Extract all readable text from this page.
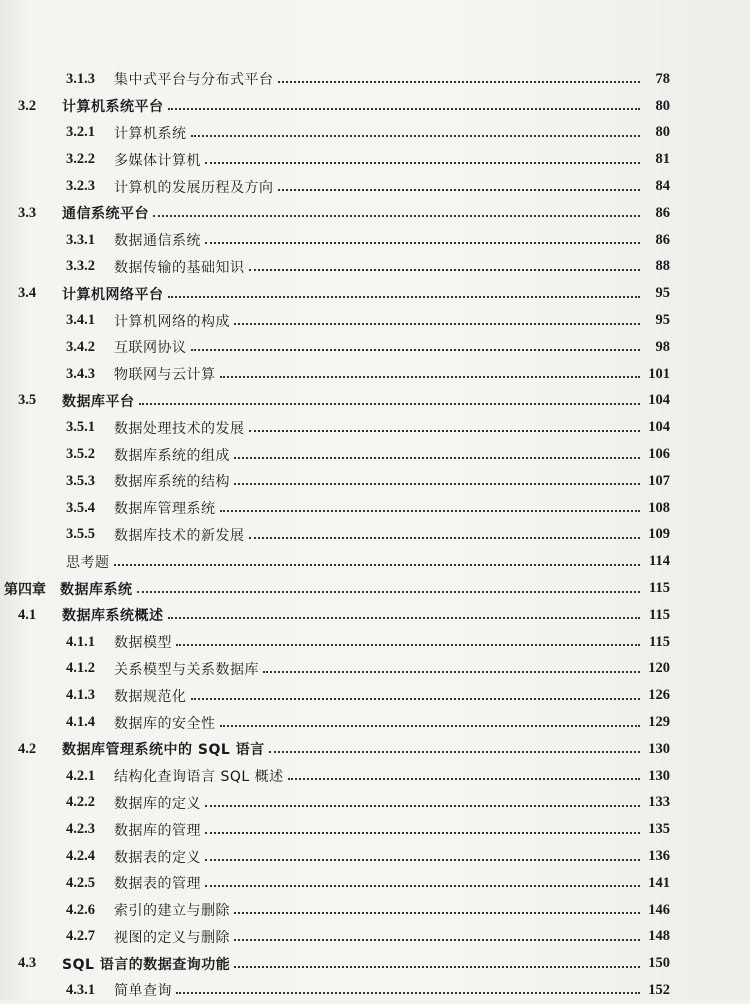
3.1.3	集中式平台与分布式平台	78
3.2	计算机系统平台	80
3.2.1	计算机系统	80
3.2.2	多媒体计算机	81
3.2.3	计算机的发展历程及方向	84
3.3	通信系统平台	86
3.3.1	数据通信系统	86
3.3.2	数据传输的基础知识	88
3.4	计算机网络平台	95
3.4.1	计算机网络的构成	95
3.4.2	互联网协议	98
3.4.3	物联网与云计算	101
3.5	数据库平台	104
3.5.1	数据处理技术的发展	104
3.5.2	数据库系统的组成	106
3.5.3	数据库系统的结构	107
3.5.4	数据库管理系统	108
3.5.5	数据库技术的新发展	109
思考题	114
第四章 数据库系统	115
4.1	数据库系统概述	115
4.1.1	数据模型	115
4.1.2	关系模型与关系数据库	120
4.1.3	数据规范化	126
4.1.4	数据库的安全性	129
4.2	数据库管理系统中的 SQL 语言	130
4.2.1	结构化查询语言 SQL 概述	130
4.2.2	数据库的定义	133
4.2.3	数据库的管理	135
4.2.4	数据表的定义	136
4.2.5	数据表的管理	141
4.2.6	索引的建立与删除	146
4.2.7	视图的定义与删除	148
4.3	SQL 语言的数据查询功能	150
4.3.1	简单查询	152
